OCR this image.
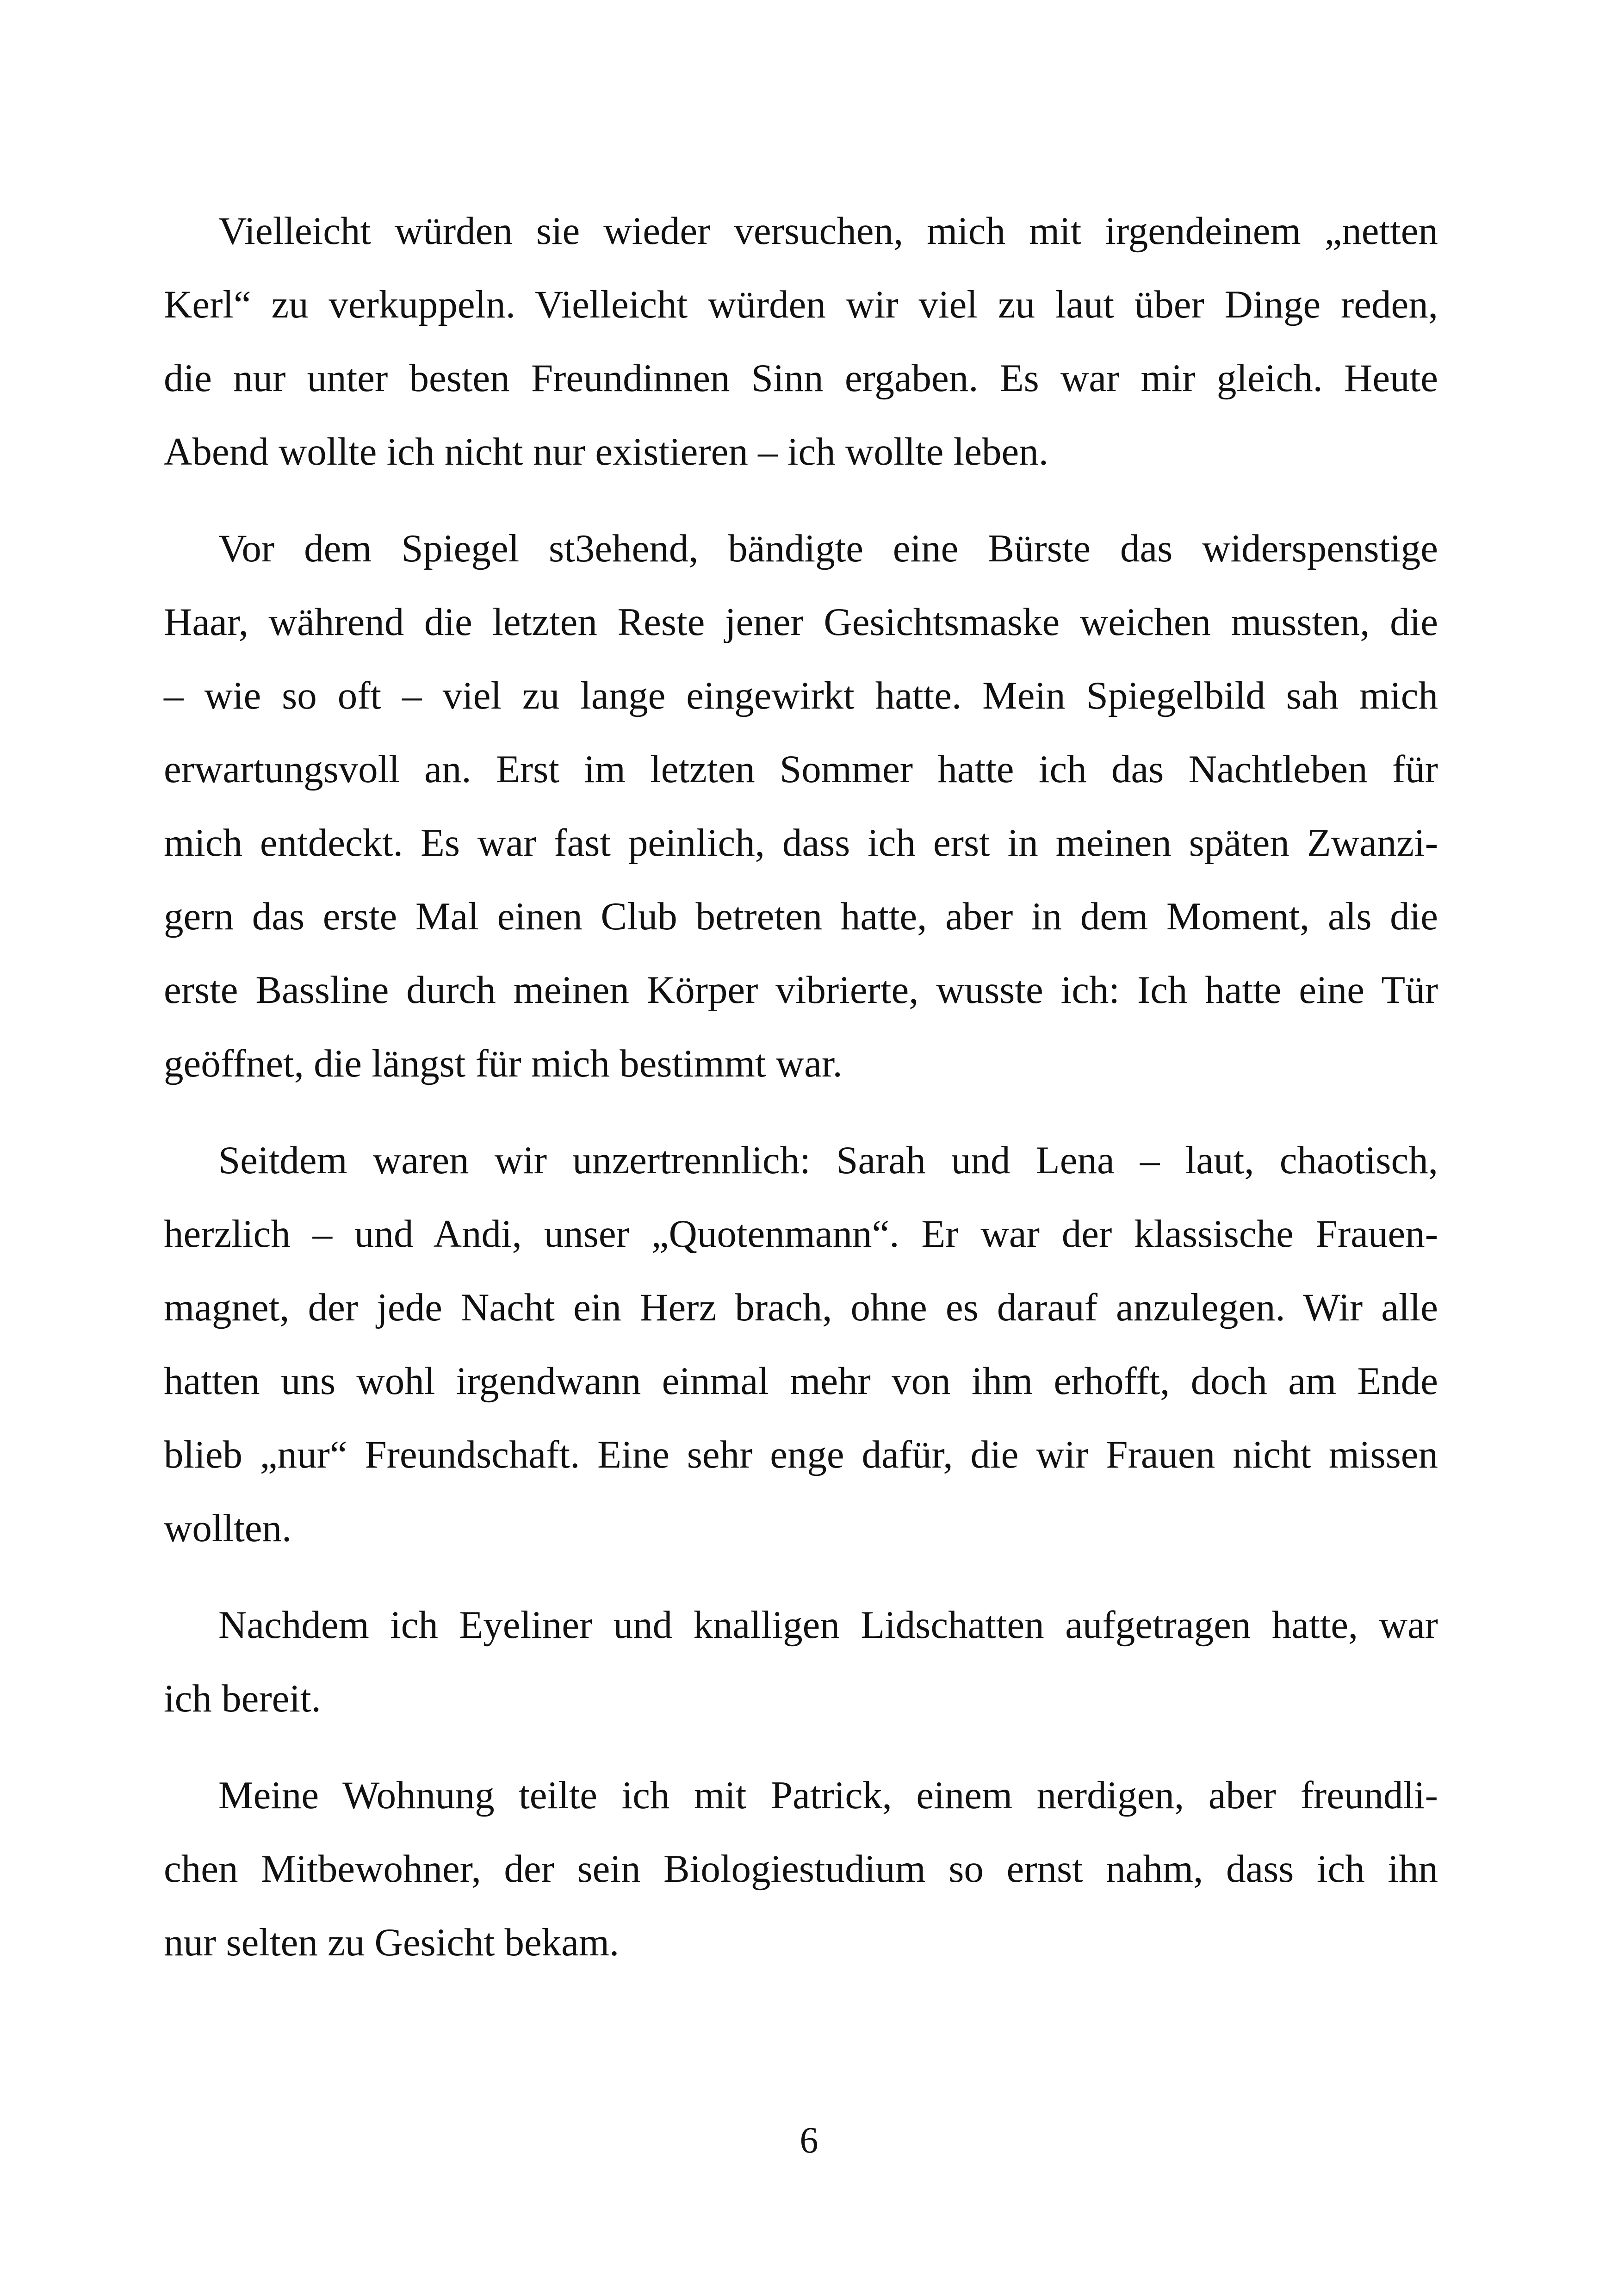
Vielleicht würden sie wieder versuchen, mich mit irgendeinem „netten
Kerl“ zu verkuppeln. Vielleicht würden wir viel zu laut über Dinge reden,
die nur unter besten Freundinnen Sinn ergaben. Es war mir gleich. Heute
Abend wollte ich nicht nur existieren – ich wollte leben.
Vor dem Spiegel st3ehend, bändigte eine Bürste das widerspenstige
Haar, während die letzten Reste jener Gesichtsmaske weichen mussten, die
– wie so oft – viel zu lange eingewirkt hatte. Mein Spiegelbild sah mich
erwartungsvoll an. Erst im letzten Sommer hatte ich das Nachtleben für
mich entdeckt. Es war fast peinlich, dass ich erst in meinen späten Zwanzi-
gern das erste Mal einen Club betreten hatte, aber in dem Moment, als die
erste Bassline durch meinen Körper vibrierte, wusste ich: Ich hatte eine Tür
geöffnet, die längst für mich bestimmt war.
Seitdem waren wir unzertrennlich: Sarah und Lena – laut, chaotisch,
herzlich – und Andi, unser „Quotenmann“. Er war der klassische Frauen-
magnet, der jede Nacht ein Herz brach, ohne es darauf anzulegen. Wir alle
hatten uns wohl irgendwann einmal mehr von ihm erhofft, doch am Ende
blieb „nur“ Freundschaft. Eine sehr enge dafür, die wir Frauen nicht missen
wollten.
Nachdem ich Eyeliner und knalligen Lidschatten aufgetragen hatte, war
ich bereit.
Meine Wohnung teilte ich mit Patrick, einem nerdigen, aber freundli-
chen Mitbewohner, der sein Biologiestudium so ernst nahm, dass ich ihn
nur selten zu Gesicht bekam.
6
